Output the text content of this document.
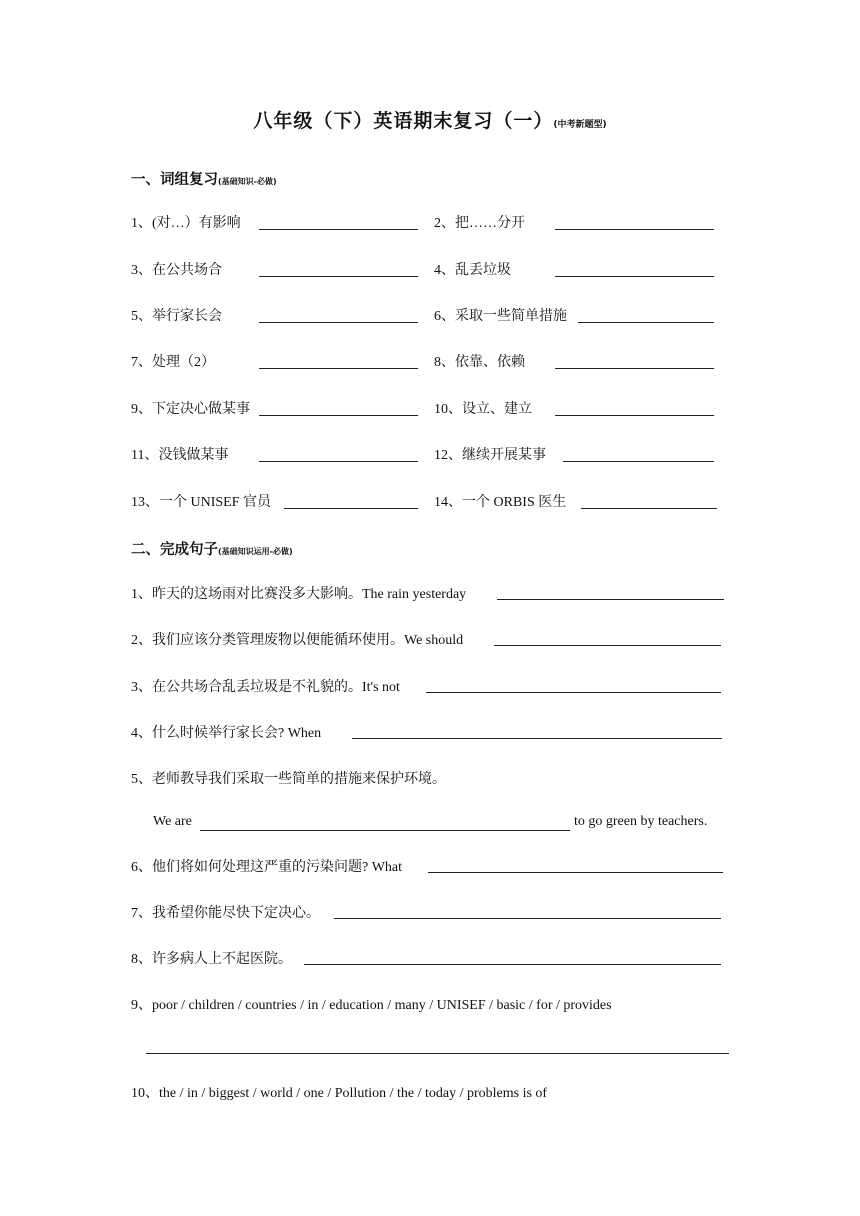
八年级（下）英语期末复习（一）(中考新题型)
一、词组复习(基础知识-必做)
1、(对…）有影响	2、把……分开
3、在公共场合	4、乱丢垃圾
5、举行家长会	6、采取一些简单措施
7、处理（2）	8、依靠、依赖
9、下定决心做某事	10、设立、建立
11、没钱做某事	12、继续开展某事
13、一个 UNISEF 官员	14、一个 ORBIS 医生
二、完成句子(基础知识运用-必做)
1、昨天的这场雨对比赛没多大影响。The rain yesterday
2、我们应该分类管理废物以便能循环使用。We should
3、在公共场合乱丢垃圾是不礼貌的。It's not
4、什么时候举行家长会? When
5、老师教导我们采取一些简单的措施来保护环境。
We are	to go green by teachers.
6、他们将如何处理这严重的污染问题? What
7、我希望你能尽快下定决心。
8、许多病人上不起医院。
9、poor / children / countries / in / education / many / UNISEF / basic / for / provides
10、the / in / biggest / world / one / Pollution / the / today / problems is of
